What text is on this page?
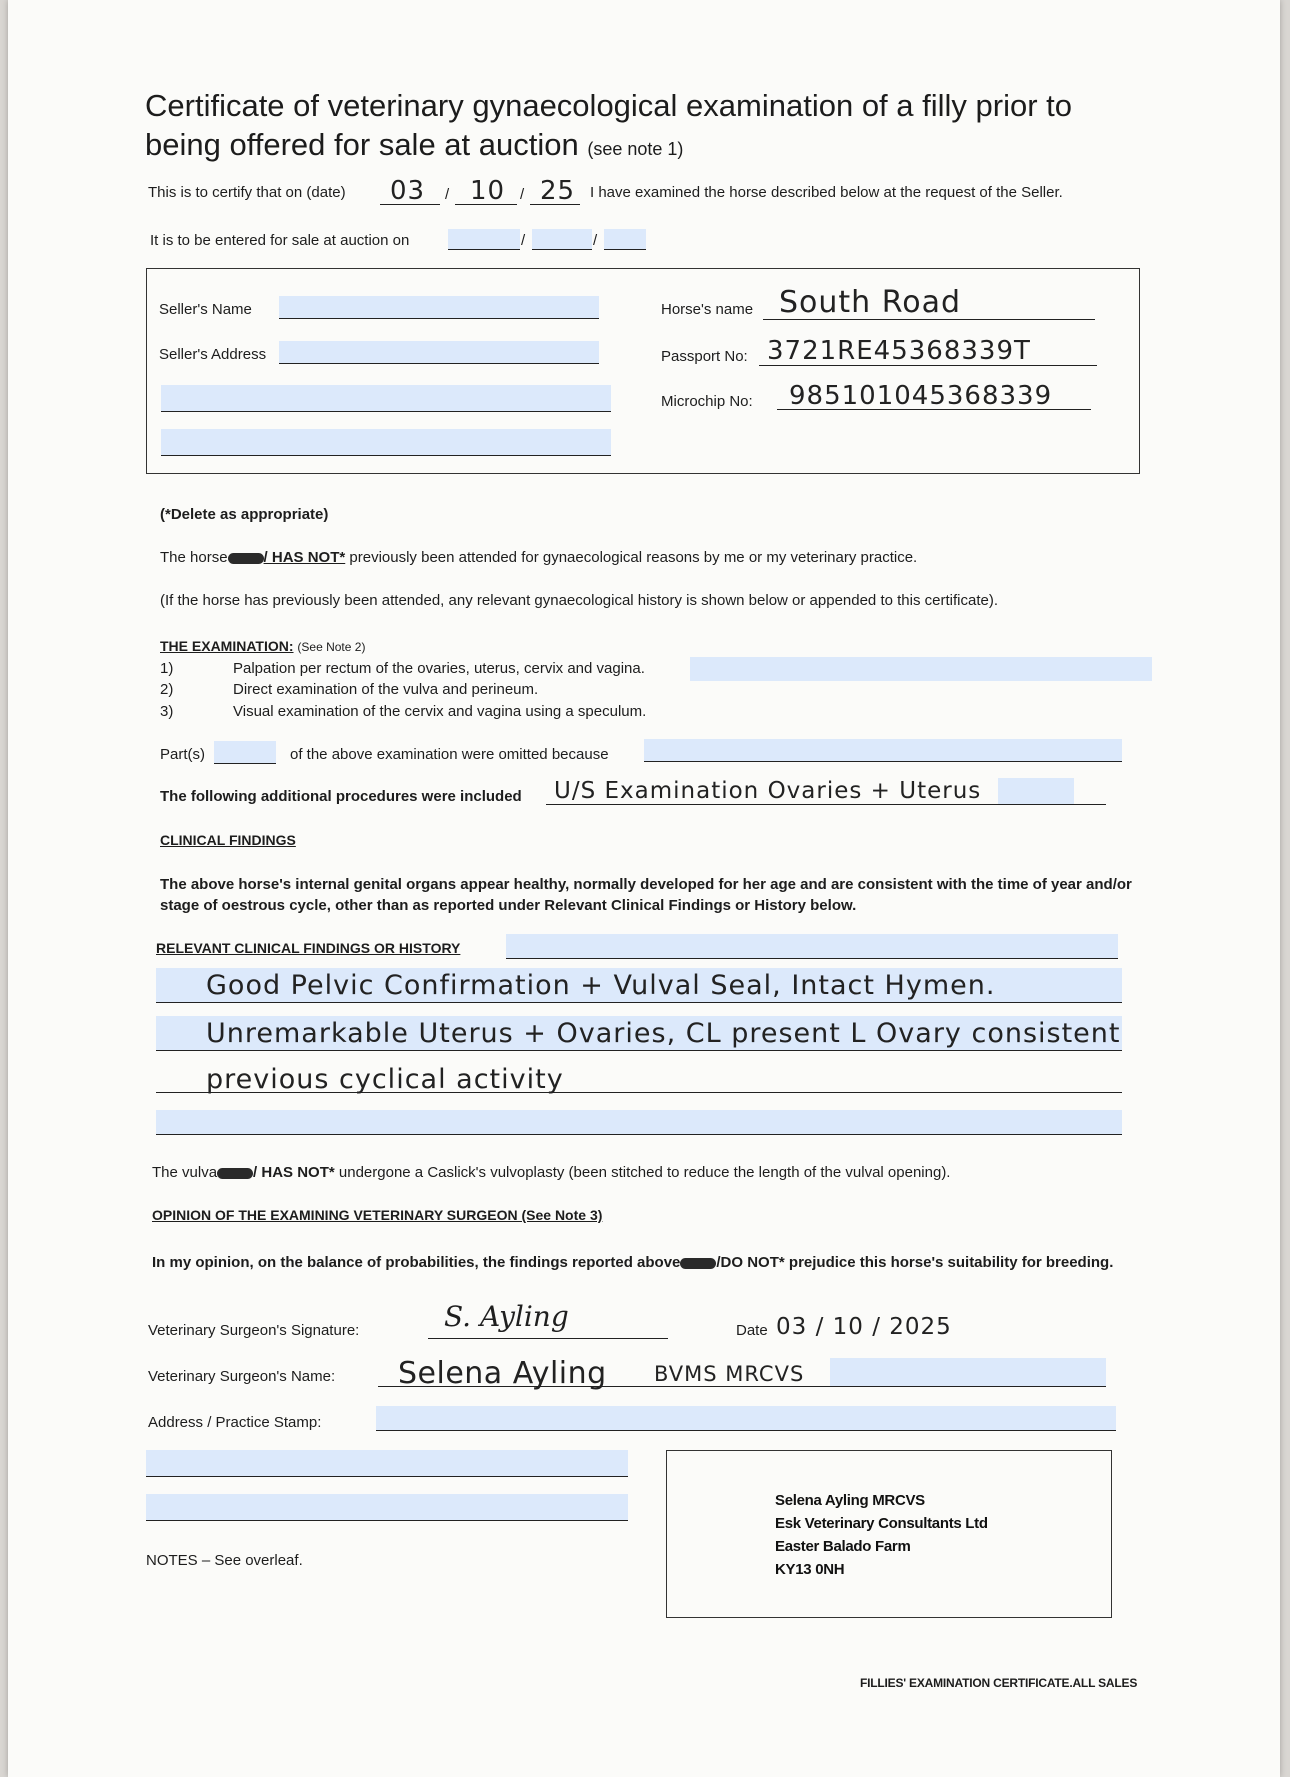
Certificate of veterinary gynaecological examination of a filly prior to being offered for sale at auction (see note 1)
This is to certify that on (date) 03 / 10 / 25 I have examined the horse described below at the request of the Seller.
It is to be entered for sale at auction on	/	/
Seller's Name
Seller's Address
Horse's name South Road
Passport No: 3721RE45368339T
Microchip No: 985101045368339
(*Delete as appropriate)
The horse / HAS NOT* previously been attended for gynaecological reasons by me or my veterinary practice.
(If the horse has previously been attended, any relevant gynaecological history is shown below or appended to this certificate).
THE EXAMINATION: (See Note 2)
1)	Palpation per rectum of the ovaries, uterus, cervix and vagina.
2)	Direct examination of the vulva and perineum.
3)	Visual examination of the cervix and vagina using a speculum.
Part(s)	of the above examination were omitted because
The following additional procedures were included U/S Examination Ovaries + Uterus
CLINICAL FINDINGS
The above horse's internal genital organs appear healthy, normally developed for her age and are consistent with the time of year and/or stage of oestrous cycle, other than as reported under Relevant Clinical Findings or History below.
RELEVANT CLINICAL FINDINGS OR HISTORY
Good Pelvic Confirmation + Vulval Seal, Intact Hymen.
Unremarkable Uterus + Ovaries, CL present L Ovary consistent
previous cyclical activity
The vulva / HAS NOT* undergone a Caslick's vulvoplasty (been stitched to reduce the length of the vulval opening).
OPINION OF THE EXAMINING VETERINARY SURGEON (See Note 3)
In my opinion, on the balance of probabilities, the findings reported above /DO NOT* prejudice this horse's suitability for breeding.
Veterinary Surgeon's Signature:	S. Ayling	Date 03 / 10 / 2025
Veterinary Surgeon's Name: Selena Ayling BVMS MRCVS
Address / Practice Stamp:
Selena Ayling MRCVS
Esk Veterinary Consultants Ltd
Easter Balado Farm
KY13 0NH
NOTES – See overleaf.
FILLIES' EXAMINATION CERTIFICATE.ALL SALES
